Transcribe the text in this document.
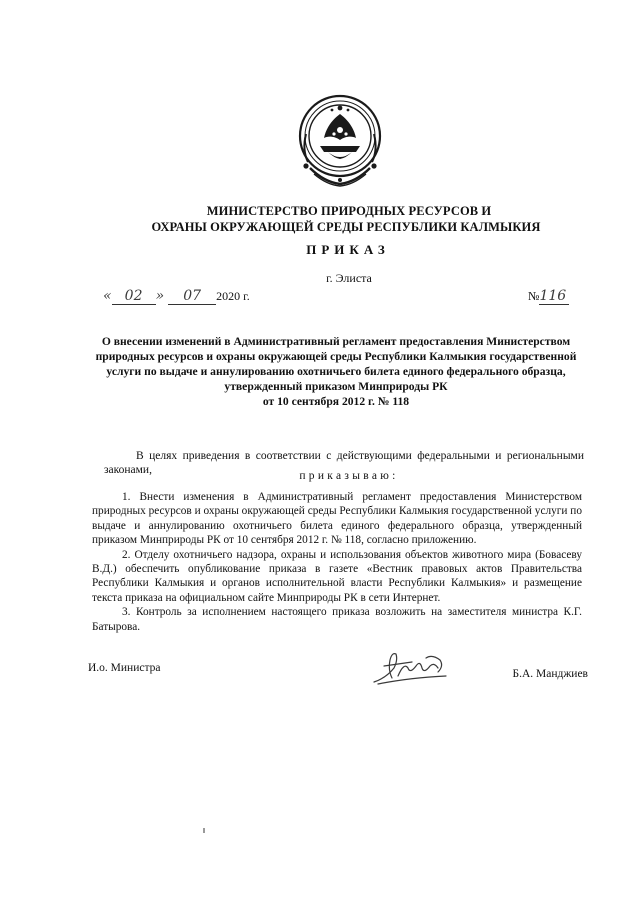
МИНИСТЕРСТВО ПРИРОДНЫХ РЕСУРСОВ И
ОХРАНЫ ОКРУЖАЮЩЕЙ СРЕДЫ РЕСПУБЛИКИ КАЛМЫКИЯ
ПРИКАЗ
г. Элиста
« 02 » 07 2020 г.	№116
О внесении изменений в Административный регламент предоставления Министерством
природных ресурсов и охраны окружающей среды Республики Калмыкия государственной
услуги по выдаче и аннулированию охотничьего билета единого федерального образца,
утвержденный приказом Минприроды РК
от 10 сентября 2012 г. № 118
В целях приведения в соответствии с действующими федеральными и региональными законами,	приказываю:

1. Внести изменения в Административный регламент предоставления Министерством природных ресурсов и охраны окружающей среды Республики Калмыкия государственной услуги по выдаче и аннулированию охотничьего билета единого федерального образца, утвержденный приказом Минприроды РК от 10 сентября 2012 г. № 118, согласно приложению.

2. Отделу охотничьего надзора, охраны и использования объектов животного мира (Бовасеву В.Д.) обеспечить опубликование приказа в газете «Вестник правовых актов Правительства Республики Калмыкия и органов исполнительной власти Республики Калмыкия» и размещение текста приказа на официальном сайте Минприроды РК в сети Интернет.

3. Контроль за исполнением настоящего приказа возложить на заместителя министра К.Г. Батырова.

И.о. Министра	Б.А. Манджиев
